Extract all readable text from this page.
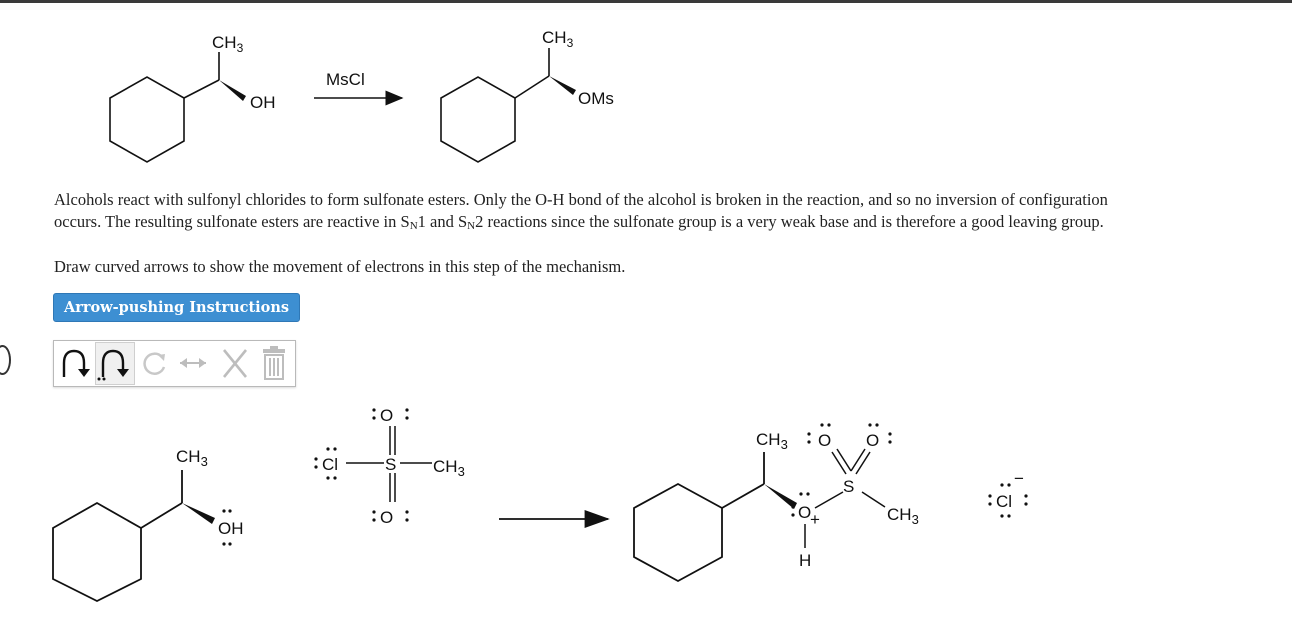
$CH_3$
OH
MsCl
$CH_3$
OMs
Alcohols react with sulfonyl chlorides to form sulfonate esters. Only the O-H bond of the alcohol is broken in the reaction, and so no inversion of configuration
occurs. The resulting sulfonate esters are reactive in $S_N1$ and $S_N2$ reactions since the sulfonate group is a very weak base and is therefore a good leaving group.
Draw curved arrows to show the movement of electrons in this step of the mechanism.
Arrow-pushing Instructions
$CH_3$
OH
O
Cl	S $CH_3$
O
$CH_3$ O O
S
$CH_3$
O
+
H
Cl
−
